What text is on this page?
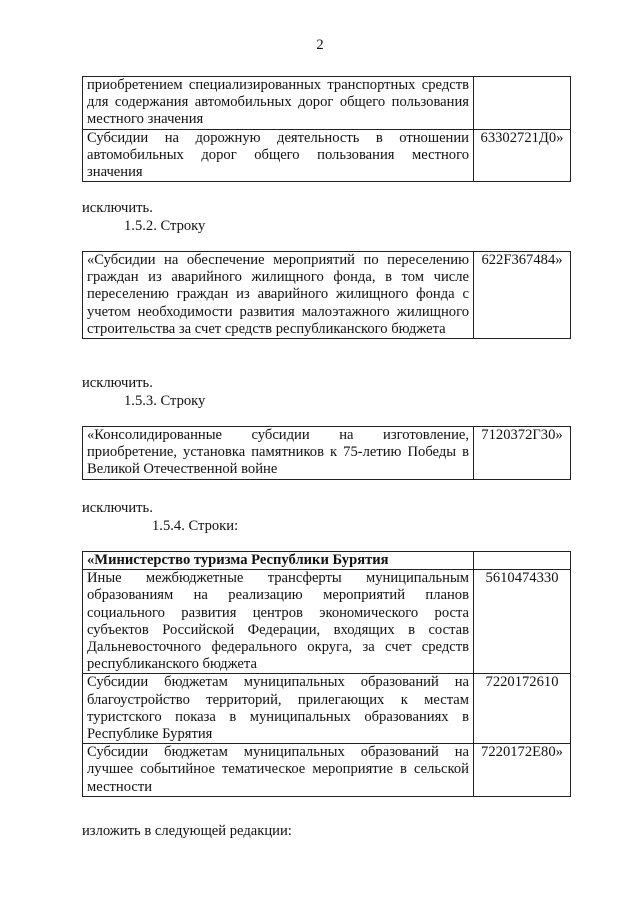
2
приобретением специализированных транспортных средств для содержания автомобильных дорог общего пользования местного значения	
Субсидии на дорожную деятельность в отношении автомобильных дорог общего пользования местного значения	63302721Д0»
исключить.
1.5.2. Строку
«Субсидии на обеспечение мероприятий по переселению граждан из аварийного жилищного фонда, в том числе переселению граждан из аварийного жилищного фонда с учетом необходимости развития малоэтажного жилищного строительства за счет средств республиканского бюджета	622F367484»
исключить.
1.5.3. Строку
«Консолидированные субсидии на изготовление, приобретение, установка памятников к 75-летию Победы в Великой Отечественной войне	7120372Г30»
исключить.
1.5.4. Строки:
«Министерство туризма Республики Бурятия	
Иные межбюджетные трансферты муниципальным образованиям на реализацию мероприятий планов социального развития центров экономического роста субъектов Российской Федерации, входящих в состав Дальневосточного федерального округа, за счет средств республиканского бюджета	5610474330
Субсидии бюджетам муниципальных образований на благоустройство территорий, прилегающих к местам туристского показа в муниципальных образованиях в Республике Бурятия	7220172610
Субсидии бюджетам муниципальных образований на лучшее событийное тематическое мероприятие в сельской местности	7220172Е80»
изложить в следующей редакции:
